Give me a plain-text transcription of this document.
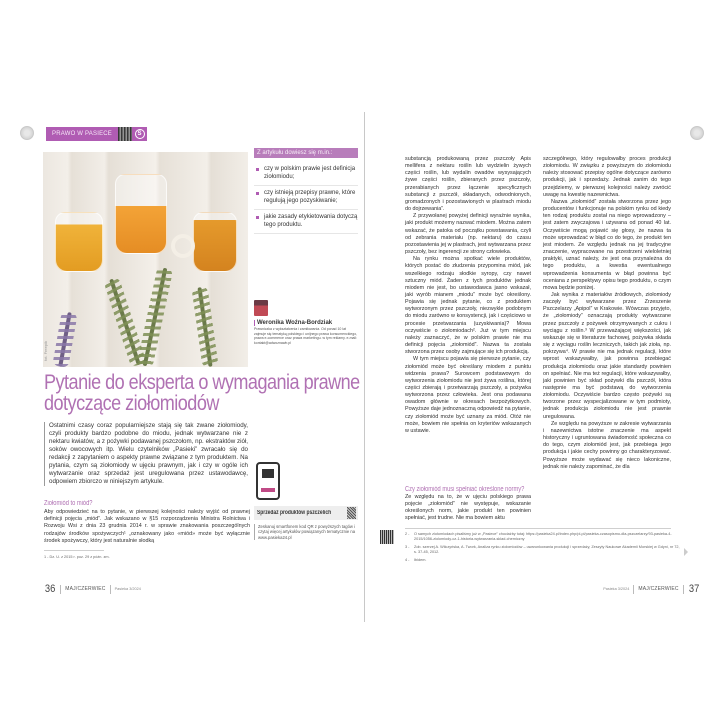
PRAWO W PASIECE	S
fot. Freepik
Z artykułu dowiesz się m.in.:
czy w polskim prawie jest definicja ziołomiodu;
czy istnieją przepisy prawne, które regulują jego pozyskiwanie;
jakie zasady etykietowania dotyczą tego produktu.
Weronika Woźna-Bordziak
Prawniczka z wykształcenia i zamiłowania. Od ponad 10 lat zajmuje się tematyką polskiego i unijnego prawa konsumenckiego, prawa e-commerce oraz prawa marketingu. w tym reklamy. e-mail: kontakt@adwoznawb.pl
Pytanie do eksperta o wymagania prawne dotyczące ziołomiodów
Ostatnimi czasy coraz popularniejsze stają się tak zwane ziołomiody, czyli produkty bardzo podobne do miodu, jednak wytwarzane nie z nektaru kwiatów, a z pożywki podawanej pszczołom, np. ekstraktów ziół, soków owocowych itp. Wielu czytelników „Pasieki” zwracało się do redakcji z zapytaniem o aspekty prawne związane z tym produktem. Na pytania, czym są ziołomiody w ujęciu prawnym, jak i czy w ogóle ich wytwarzanie oraz sprzedaż jest uregulowana przez ustawodawcę, odpowiem zbiorczo w niniejszym artykule.
Ziołomiód to miód?
Aby odpowiedzieć na to pytanie, w pierwszej kolejności należy wyjść od prawnej definicji pojęcia „miód”. Jak wskazano w §15 rozporządzenia Ministra Rolnictwa i Rozwoju Wsi z dnia 23 grudnia 2014 r. w sprawie znakowania poszczególnych rodzajów środków spożywczych¹ „oznakowany jako «miód» może być wyłącznie środek spożywczy, który jest naturalnie słodką
1 - Dz. U. z 2015 r. poz. 29 z późn. zm.
Sprzedaż produktów pszczelich
Zeskanuj smartfonem kod QR z powyższych tagów i czytaj więcej artykułów powiązanych tematycznie na www.pasieka24.pl
36 MAJ/CZERWIEC Pasieka 3/2024

substancją produkowaną przez pszczoły Apis mellifera z nektaru roślin lub wydzielin żywych części roślin, lub wydalin owadów wysysających żywe części roślin, zbieranych przez pszczoły, przerabianych przez łączenie specyficznych substancji z pszczół, składanych, odwodnionych, gromadzonych i pozostawionych w plastrach miodu do dojrzewania”.

Z przywołanej powyżej definicji wyraźnie wynika, jaki produkt możemy nazwać miodem. Można zatem wskazać, że patoka od początku powstawania, czyli od zebrania materiału (np. nektaru) do czasu pozostawienia jej w plastrach, jest wytwarzana przez pszczoły, bez ingerencji ze strony człowieka.

Na rynku można spotkać wiele produktów, których postać do złudzenia przypomina miód, jak wszelkiego rodzaju słodkie syropy, czy nawet sztuczny miód. Żaden z tych produktów jednak miodem nie jest, bo ustawodawca jasno wskazał, jaki wyrób mianem „miodu” może być określony. Pojawia się jednak pytanie, co z produktem wytworzonym przez pszczoły, niezwykle podobnym do miodu zarówno w konsystencji, jak i częściowo w procesie przetwarzania (uzyskiwania)? Mowa oczywiście o ziołomiodach². Już w tym miejscu należy zaznaczyć, że w polskim prawie nie ma definicji pojęcia „ziołomiód”. Nazwa ta została stworzona przez osoby zajmujące się ich produkcją.

W tym miejscu pojawia się pierwsze pytanie, czy ziołomiód może być określany miodem z punktu widzenia prawa? Surowcem podstawowym do wytworzenia ziołomiodu nie jest żywa roślina, której części zbierają i przetwarzają pszczoły, a pożywka wytworzona przez człowieka. Jest ona podawana owadom głównie w okresach bezpożytkowych. Powyższe daje jednoznaczną odpowiedź na pytanie, czy ziołomiód może być uznany za miód. Otóż nie może, bowiem nie spełnia on kryteriów wskazanych w ustawie.

Czy ziołomiód musi spełniać określone normy?
Ze względu na to, że w ujęciu polskiego prawa pojęcie „ziołomiód” nie występuje, wskazanie określonych norm, jakie produkt ten powinien spełniać, jest trudne. Nie ma bowiem aktu

szczególnego, który regulowałby proces produkcji ziołomiodu. W związku z powyższym do ziołomiodu należy stosować przepisy ogólne dotyczące zarówno produkcji, jak i sprzedaży. Jednak zanim do tego przejdziemy, w pierwszej kolejności należy zwrócić uwagę na kwestię nazewnictwa.

Nazwa „ziołomiód” została stworzona przez jego producentów i funkcjonuje na polskim rynku od kiedy ten rodzaj produktu został na niego wprowadzony – jest zatem zwyczajowa i używana od ponad 40 lat. Oczywiście mogą pojawić się głosy, że nazwa ta może wprowadzać w błąd co do tego, że produkt ten jest miodem. Ze względu jednak na jej tradycyjne znaczenie, wypracowane na przestrzeni wieloletniej praktyki, uznać należy, że jest ona przynależna do tego produktu, a kwestia ewentualnego wprowadzenia konsumenta w błąd powinna być oceniana z perspektywy opisu tego produktu, o czym mowa będzie poniżej.

Jak wynika z materiałów źródłowych, ziołomiody zaczęły być wytwarzane przez Zrzeszenie Pszczelarzy „Apipol” w Krakowie. Wówczas przyjęto, że „ziołomiody” oznaczają produkty wytwarzane przez pszczoły z pożywek otrzymywanych z cukru i wyciągu z roślin.³ W przeważającej większości, jak wskazuje się w literaturze fachowej, pożywka składa się z wyciągu roślin leczniczych, takich jak zioła, np. pokrzywa⁴. W prawie nie ma jednak regulacji, które wprost wskazywałby, jak powinna przebiegać produkcja ziołomiodu oraz jakie standardy powinien on spełniać. Nie ma też regulacji, które wskazywałby, jaki powinien być skład pożywki dla pszczół, która następnie ma być podstawą do wytworzenia ziołomiodu. Oczywiście bardzo często pożywki są tworzone przez wyspecjalizowane w tym podmioty, jednak produkcja ziołomiodu nie jest prawnie uregulowana.

Ze względu na powyższe w zakresie wytwarzania i nazewnictwa istotne znaczenie ma aspekt historyczny i ugruntowana świadomość społeczna co do tego, czym ziołomiód jest, jak przebiega jego produkcja i jakie cechy powinny go charakteryzować. Powyższe może wydawać się nieco lakoniczne, jednak nie należy zapominać, że dla

2 - O samych ziołomiodach pisaliśmy już w „Pasiece” chociażby tutaj: https://pasieka24.pl/index.php/pl-pl/pasieka-czasopismo-dla-pszczelarzy/93-pasieka-4-2015/1056-ziolomiody-cz-1-historia-wytwarzania-sklad-chemiczny
3 - Zob. szerzej A. Wilczyńska, A. Twork, Analiza rynku ziołomiodów – uwarunkowania produkcji i sprzedaży, Zeszyty Naukowe Akademii Morskiej w Gdyni, nr 72, s. 37-45, 2012.
4 - Ibidem.
Pasieka 3/2024 MAJ/CZERWIEC 37
